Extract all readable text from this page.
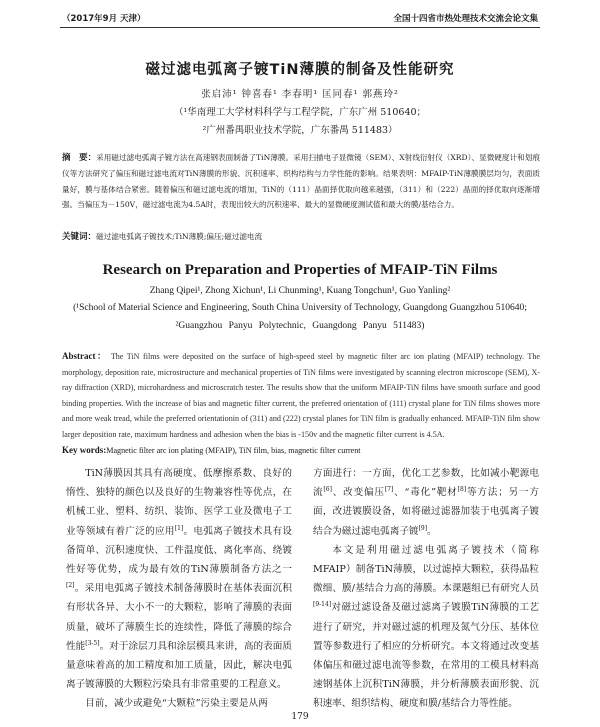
（2017年9月 天津）	全国十四省市热处理技术交流会论文集
磁过滤电弧离子镀TiN薄膜的制备及性能研究
张启沛¹ 钟喜春¹ 李春明¹ 匡同春¹ 郭燕玲²
（¹华南理工大学材料科学与工程学院，广东广州 510640；
²广州番禺职业技术学院，广东番禺 511483）
摘　要：采用磁过滤电弧离子镀方法在高速钢表面制备了TiN薄膜。采用扫描电子显微镜（SEM）、X射线衍射仪（XRD）、显微硬度计和划痕仪等方法研究了偏压和磁过滤电流对TiN薄膜的形貌、沉积速率、织构结构与力学性能的影响。结果表明：MFAIP-TiN薄膜膜层均匀，表面质量好，膜与基体结合紧密。随着偏压和磁过滤电流的增加，TiN的（111）晶面择优取向越来越强，（311）和（222）晶面的择优取向逐渐增强。当偏压为－150V，磁过滤电流为4.5A时，表现出较大的沉积速率、最大的显微硬度测试值和最大的膜/基结合力。
关键词：磁过滤电弧离子镀技术;TiN薄膜;偏压;磁过滤电流
Research on Preparation and Properties of MFAIP-TiN Films
Zhang Qipei¹, Zhong Xichun¹, Li Chunming¹, Kuang Tongchun¹, Guo Yanling²
(¹School of Material Science and Engineering, South China University of Technology, Guangdong Guangzhou 510640;
²Guangzhou Panyu Polytechnic, Guangdong Panyu 511483)
Abstract： The TiN films were deposited on the surface of high-speed steel by magnetic filter arc ion plating (MFAIP) technology. The morphology, deposition rate, microstructure and mechanical properties of TiN films were investigated by scanning electron microscope (SEM), X-ray diffraction (XRD), microhardness and microscratch tester. The results show that the uniform MFAIP-TiN films have smooth surface and good binding properties. With the increase of bias and magnetic filter current, the preferred orientation of (111) crystal plane for TiN films showes more and more weak tread, while the preferred orientationin of (311) and (222) crystal planes for TiN film is gradually enhanced. MFAIP-TiN film show larger deposition rate, maximum hardness and adhesion when the bias is -150v and the magnetic filter current is 4.5A.
Key words:Magnetic filter arc ion plating (MFAIP), TiN film, bias, magnetic filter current

TiN薄膜因其具有高硬度、低摩擦系数、良好的惰性、独特的颜色以及良好的生物兼容性等优点，在机械工业、塑料、纺织、装饰、医学工业及微电子工业等领域有着广泛的应用[1]。电弧离子镀技术具有设备简单、沉积速度快、工件温度低、离化率高、绕镀性好等优势，成为最有效的TiN薄膜制备方法之一[2]。采用电弧离子镀技术制备薄膜时在基体表面沉积有形状各异、大小不一的大颗粒，影响了薄膜的表面质量，破坏了薄膜生长的连续性，降低了薄膜的综合性能[3-5]。对于涂层刀具和涂层模具来讲，高的表面质量意味着高的加工精度和加工质量，因此，解决电弧离子镀薄膜的大颗粒污染具有非常重要的工程意义。

目前，减少或避免“大颗粒”污染主要是从两

方面进行：一方面，优化工艺参数，比如减小靶源电流[6]、改变偏压[7]、“毒化”靶材[8]等方法；另一方面，改进镀膜设备，如将磁过滤器加装于电弧离子镀结合为磁过滤电弧离子镀[9]。

本文是利用磁过滤电弧离子镀技术（简称MFAIP）制备TiN薄膜，以过滤掉大颗粒，获得晶粒微细、膜/基结合力高的薄膜。本课题组已有研究人员[9-14]对磁过滤设备及磁过滤离子镀膜TiN薄膜的工艺进行了研究，并对磁过滤的机理及氮气分压、基体位置等参数进行了相应的分析研究。本文将通过改变基体偏压和磁过滤电流等参数，在常用的工模具材料高速钢基体上沉积TiN薄膜，并分析薄膜表面形貌、沉积速率、组织结构、硬度和膜/基结合力等性能。

179
